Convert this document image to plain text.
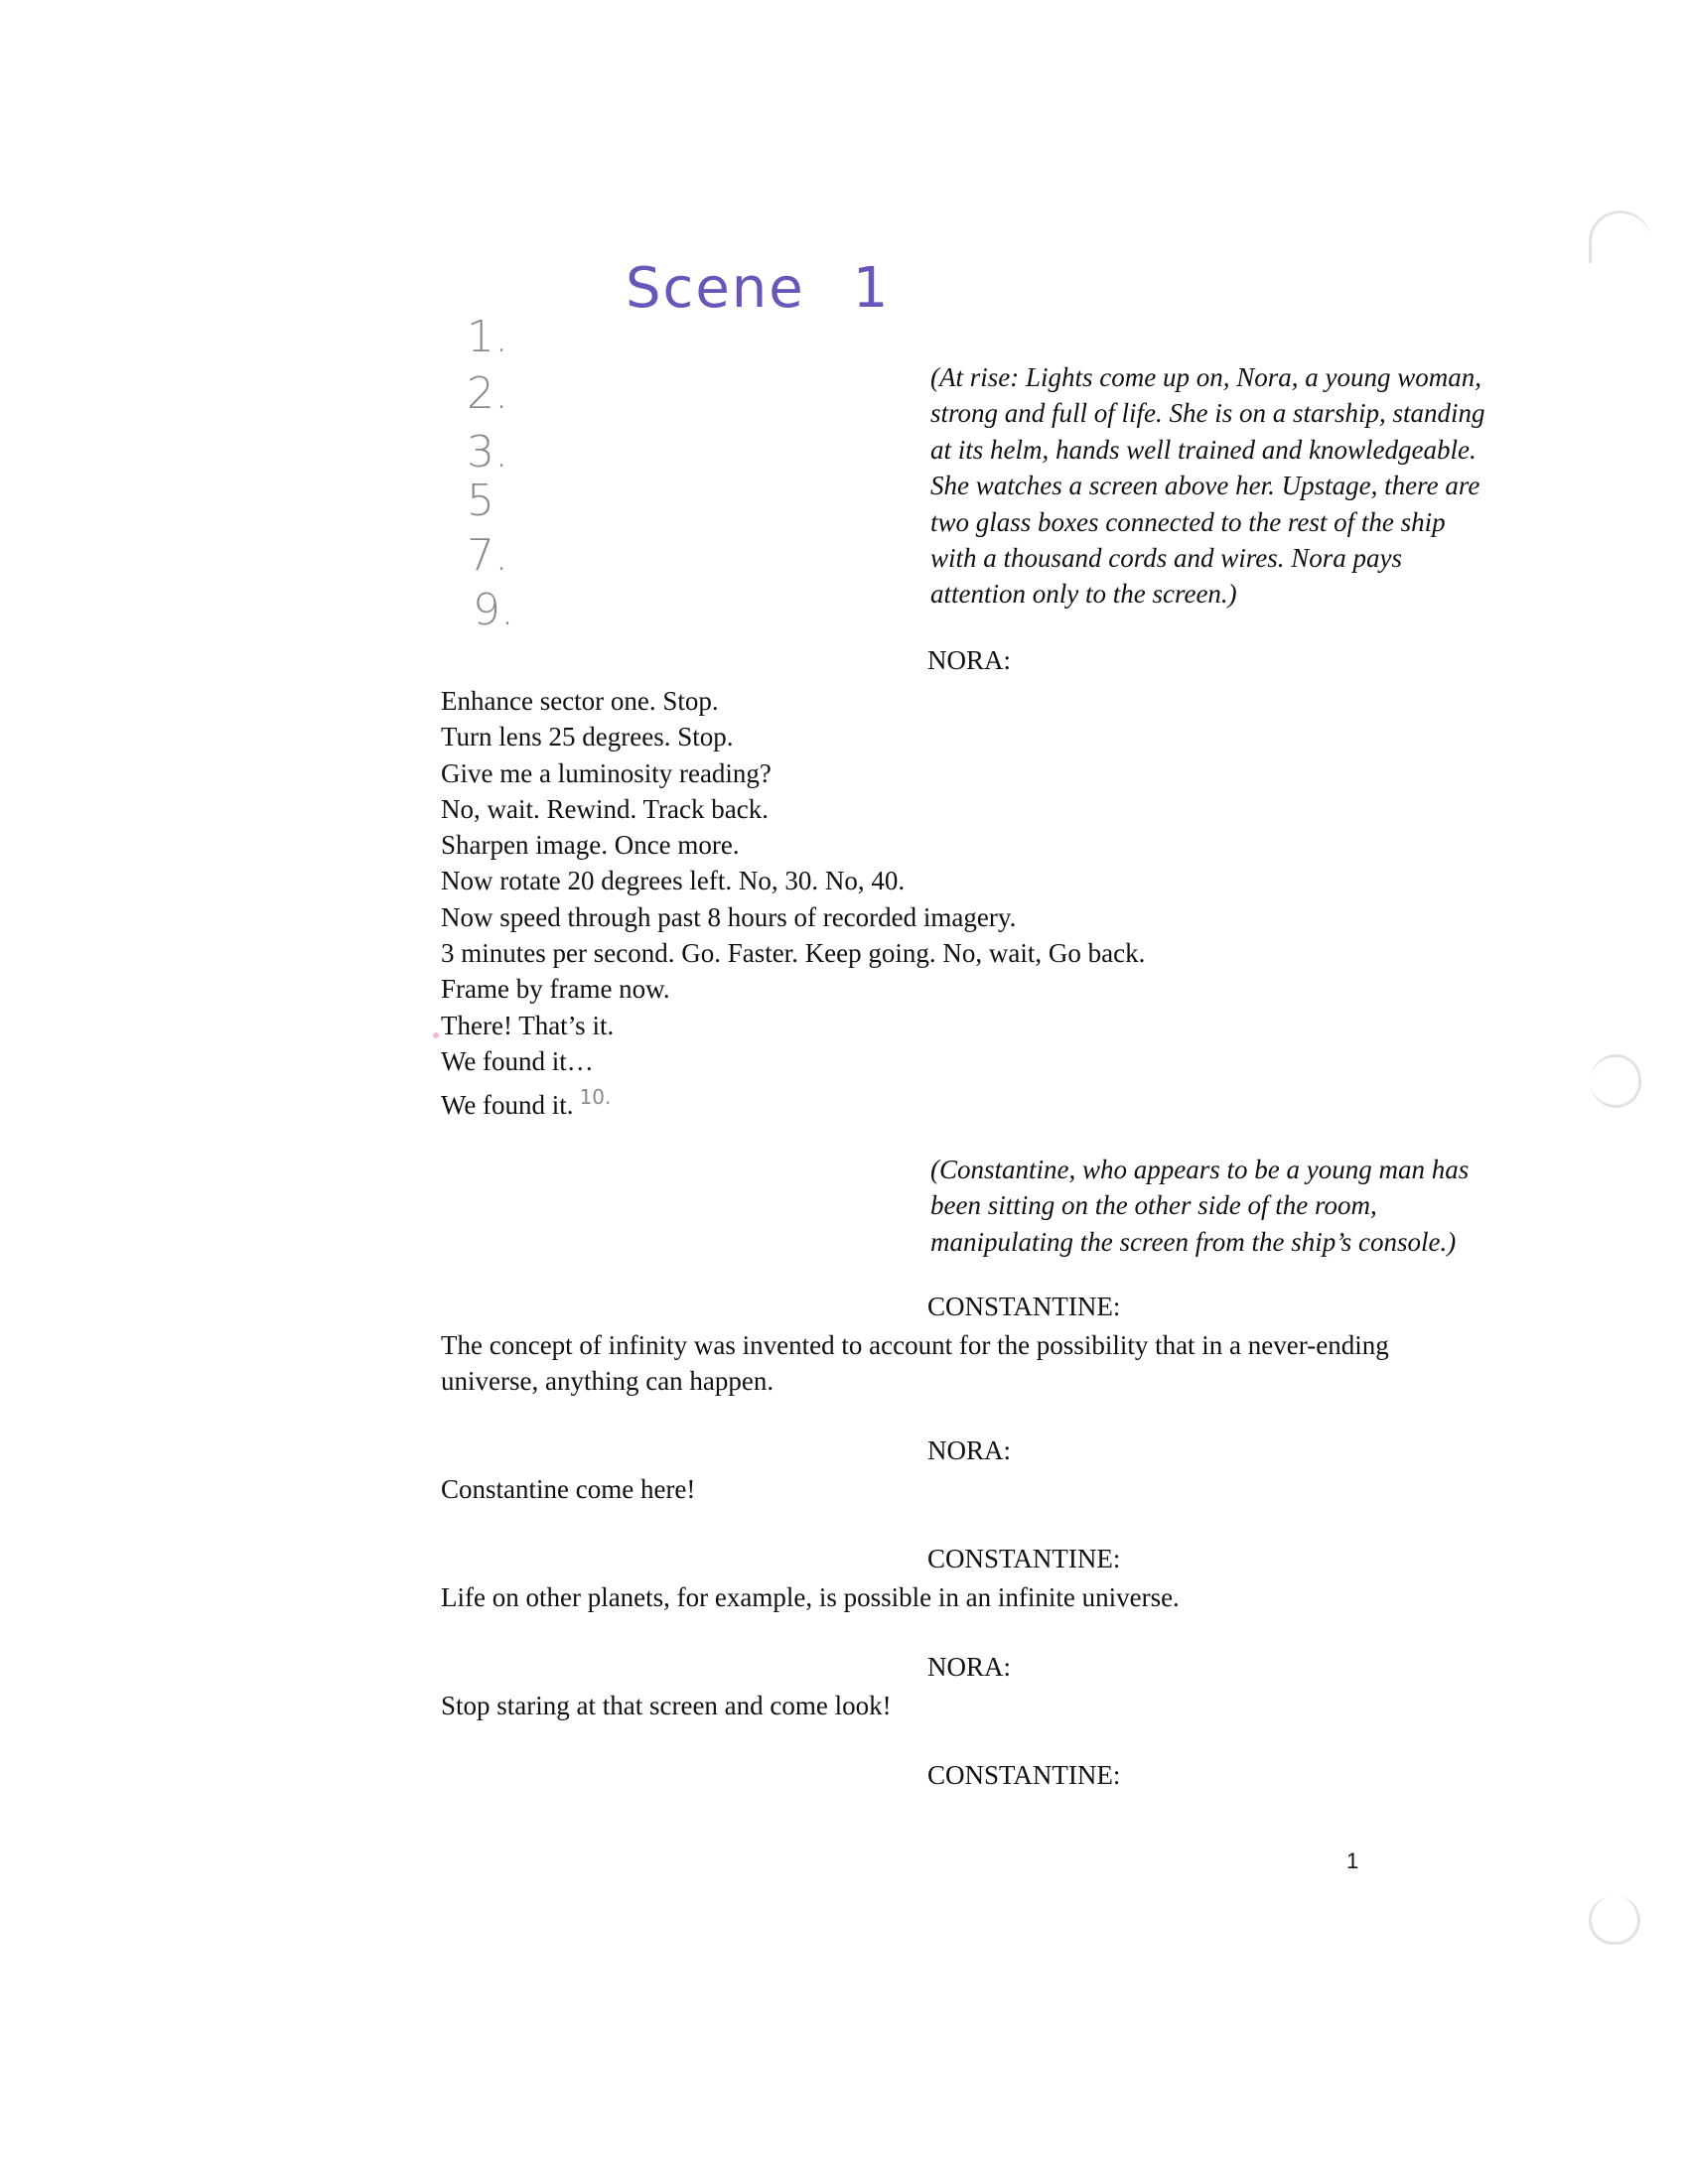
Scene 1
1.
2.
3.
5
7.
9.
(At rise: Lights come up on, Nora, a young woman,
strong and full of life. She is on a starship, standing
at its helm, hands well trained and knowledgeable.
She watches a screen above her. Upstage, there are
two glass boxes connected to the rest of the ship
with a thousand cords and wires. Nora pays
attention only to the screen.)
NORA:
Enhance sector one. Stop.
Turn lens 25 degrees. Stop.
Give me a luminosity reading?
No, wait. Rewind. Track back.
Sharpen image. Once more.
Now rotate 20 degrees left. No, 30. No, 40.
Now speed through past 8 hours of recorded imagery.
3 minutes per second. Go. Faster. Keep going. No, wait, Go back.
Frame by frame now.
There! That’s it.
We found it…
We found it. $^{10.}$
(Constantine, who appears to be a young man has
been sitting on the other side of the room,
manipulating the screen from the ship’s console.)
CONSTANTINE:
The concept of infinity was invented to account for the possibility that in a never-ending
universe, anything can happen.
NORA:
Constantine come here!
CONSTANTINE:
Life on other planets, for example, is possible in an infinite universe.
NORA:
Stop staring at that screen and come look!
CONSTANTINE:
1
